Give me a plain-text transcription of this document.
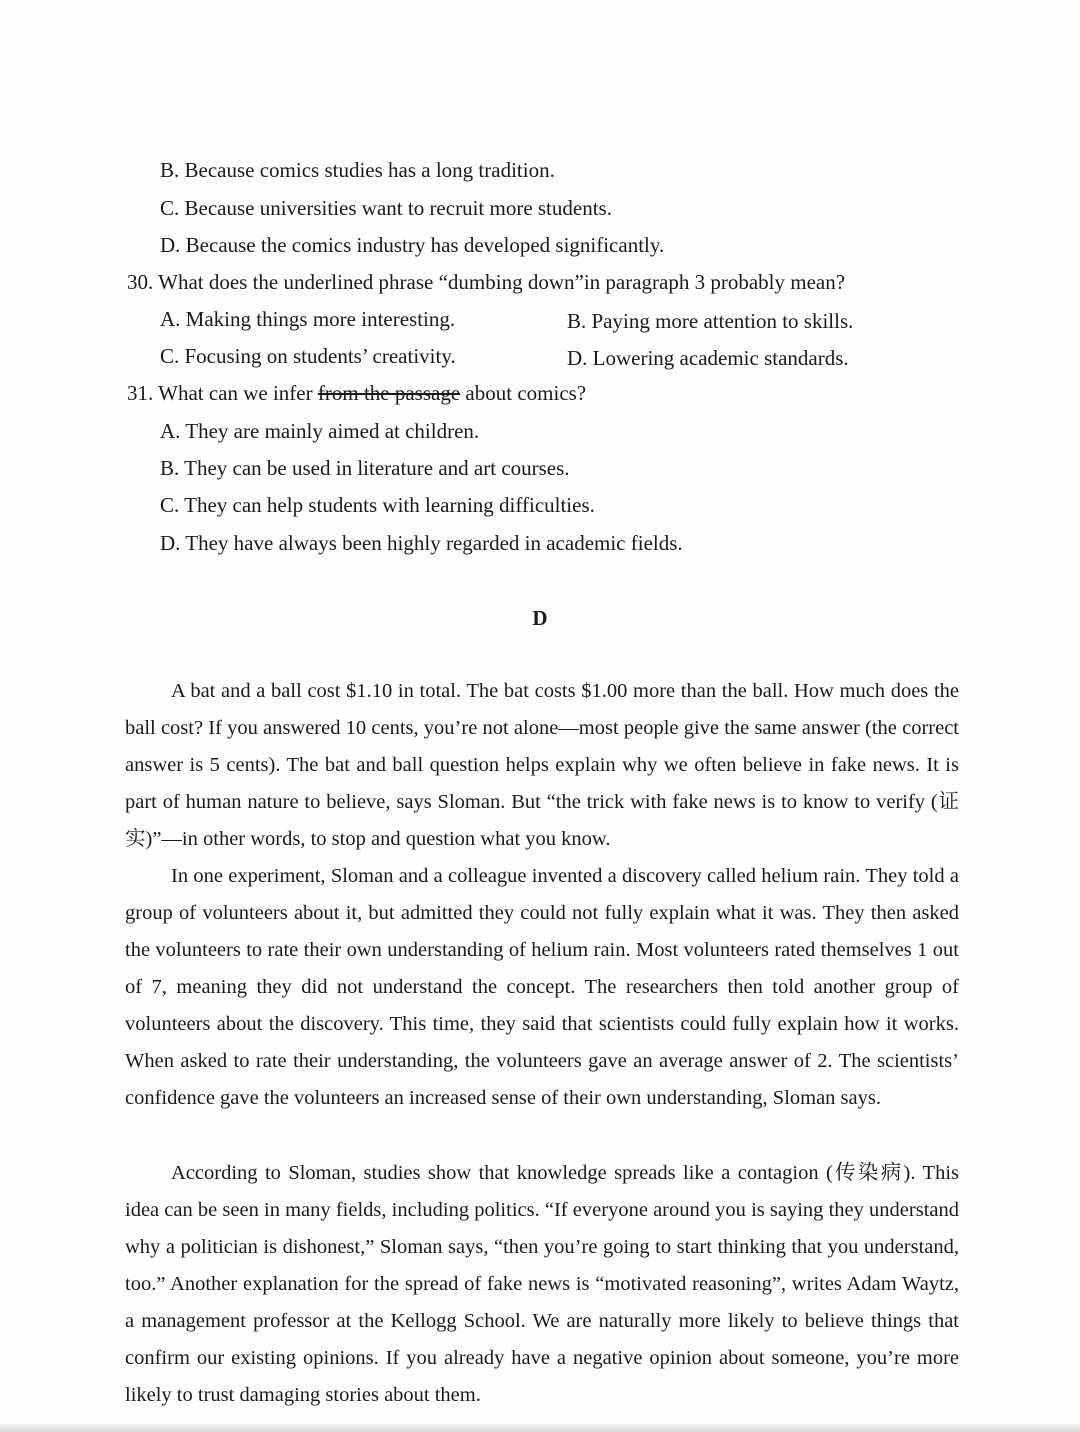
B. Because comics studies has a long tradition.
C. Because universities want to recruit more students.
D. Because the comics industry has developed significantly.
30. What does the underlined phrase “dumbing down”in paragraph 3 probably mean?
A. Making things more interesting.	B. Paying more attention to skills.
C. Focusing on students’ creativity.	D. Lowering academic standards.
31. What can we infer from the passage about comics?
A. They are mainly aimed at children.
B. They can be used in literature and art courses.
C. They can help students with learning difficulties.
D. They have always been highly regarded in academic fields.
D
A bat and a ball cost $1.10 in total. The bat costs $1.00 more than the ball. How much does the ball cost? If you answered 10 cents, you’re not alone—most people give the same answer (the correct answer is 5 cents). The bat and ball question helps explain why we often believe in fake news. It is part of human nature to believe, says Sloman. But “the trick with fake news is to know to verify (证实)”—in other words, to stop and question what you know.
In one experiment, Sloman and a colleague invented a discovery called helium rain. They told a group of volunteers about it, but admitted they could not fully explain what it was. They then asked the volunteers to rate their own understanding of helium rain. Most volunteers rated themselves 1 out of 7, meaning they did not understand the concept. The researchers then told another group of volunteers about the discovery. This time, they said that scientists could fully explain how it works. When asked to rate their understanding, the volunteers gave an average answer of 2. The scientists’ confidence gave the volunteers an increased sense of their own understanding, Sloman says.
According to Sloman, studies show that knowledge spreads like a contagion (传染病). This idea can be seen in many fields, including politics. “If everyone around you is saying they understand why a politician is dishonest,” Sloman says, “then you’re going to start thinking that you understand, too.” Another explanation for the spread of fake news is “motivated reasoning”, writes Adam Waytz, a management professor at the Kellogg School. We are naturally more likely to believe things that confirm our existing opinions. If you already have a negative opinion about someone, you’re more likely to trust damaging stories about them.
